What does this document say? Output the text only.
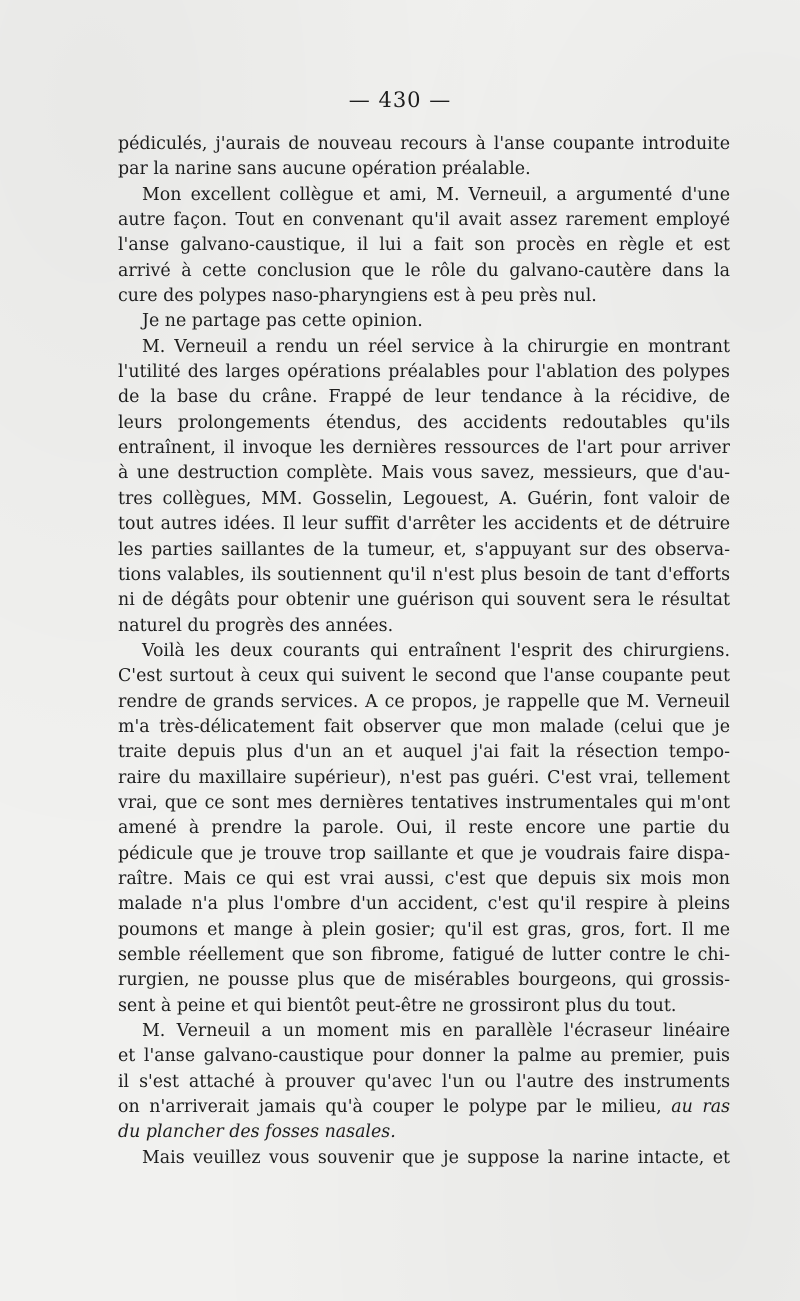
— 430 —
pédiculés, j'aurais de nouveau recours à l'anse coupante introduite
par la narine sans aucune opération préalable.
Mon excellent collègue et ami, M. Verneuil, a argumenté d'une
autre façon. Tout en convenant qu'il avait assez rarement employé
l'anse galvano-caustique, il lui a fait son procès en règle et est
arrivé à cette conclusion que le rôle du galvano-cautère dans la
cure des polypes naso-pharyngiens est à peu près nul.
Je ne partage pas cette opinion.
M. Verneuil a rendu un réel service à la chirurgie en montrant
l'utilité des larges opérations préalables pour l'ablation des polypes
de la base du crâne. Frappé de leur tendance à la récidive, de
leurs prolongements étendus, des accidents redoutables qu'ils
entraînent, il invoque les dernières ressources de l'art pour arriver
à une destruction complète. Mais vous savez, messieurs, que d'au-
tres collègues, MM. Gosselin, Legouest, A. Guérin, font valoir de
tout autres idées. Il leur suffit d'arrêter les accidents et de détruire
les parties saillantes de la tumeur, et, s'appuyant sur des observa-
tions valables, ils soutiennent qu'il n'est plus besoin de tant d'efforts
ni de dégâts pour obtenir une guérison qui souvent sera le résultat
naturel du progrès des années.
Voilà les deux courants qui entraînent l'esprit des chirurgiens.
C'est surtout à ceux qui suivent le second que l'anse coupante peut
rendre de grands services. A ce propos, je rappelle que M. Verneuil
m'a très-délicatement fait observer que mon malade (celui que je
traite depuis plus d'un an et auquel j'ai fait la résection tempo-
raire du maxillaire supérieur), n'est pas guéri. C'est vrai, tellement
vrai, que ce sont mes dernières tentatives instrumentales qui m'ont
amené à prendre la parole. Oui, il reste encore une partie du
pédicule que je trouve trop saillante et que je voudrais faire dispa-
raître. Mais ce qui est vrai aussi, c'est que depuis six mois mon
malade n'a plus l'ombre d'un accident, c'est qu'il respire à pleins
poumons et mange à plein gosier; qu'il est gras, gros, fort. Il me
semble réellement que son fibrome, fatigué de lutter contre le chi-
rurgien, ne pousse plus que de misérables bourgeons, qui grossis-
sent à peine et qui bientôt peut-être ne grossiront plus du tout.
M. Verneuil a un moment mis en parallèle l'écraseur linéaire
et l'anse galvano-caustique pour donner la palme au premier, puis
il s'est attaché à prouver qu'avec l'un ou l'autre des instruments
on n'arriverait jamais qu'à couper le polype par le milieu, au ras
du plancher des fosses nasales.
Mais veuillez vous souvenir que je suppose la narine intacte, et
